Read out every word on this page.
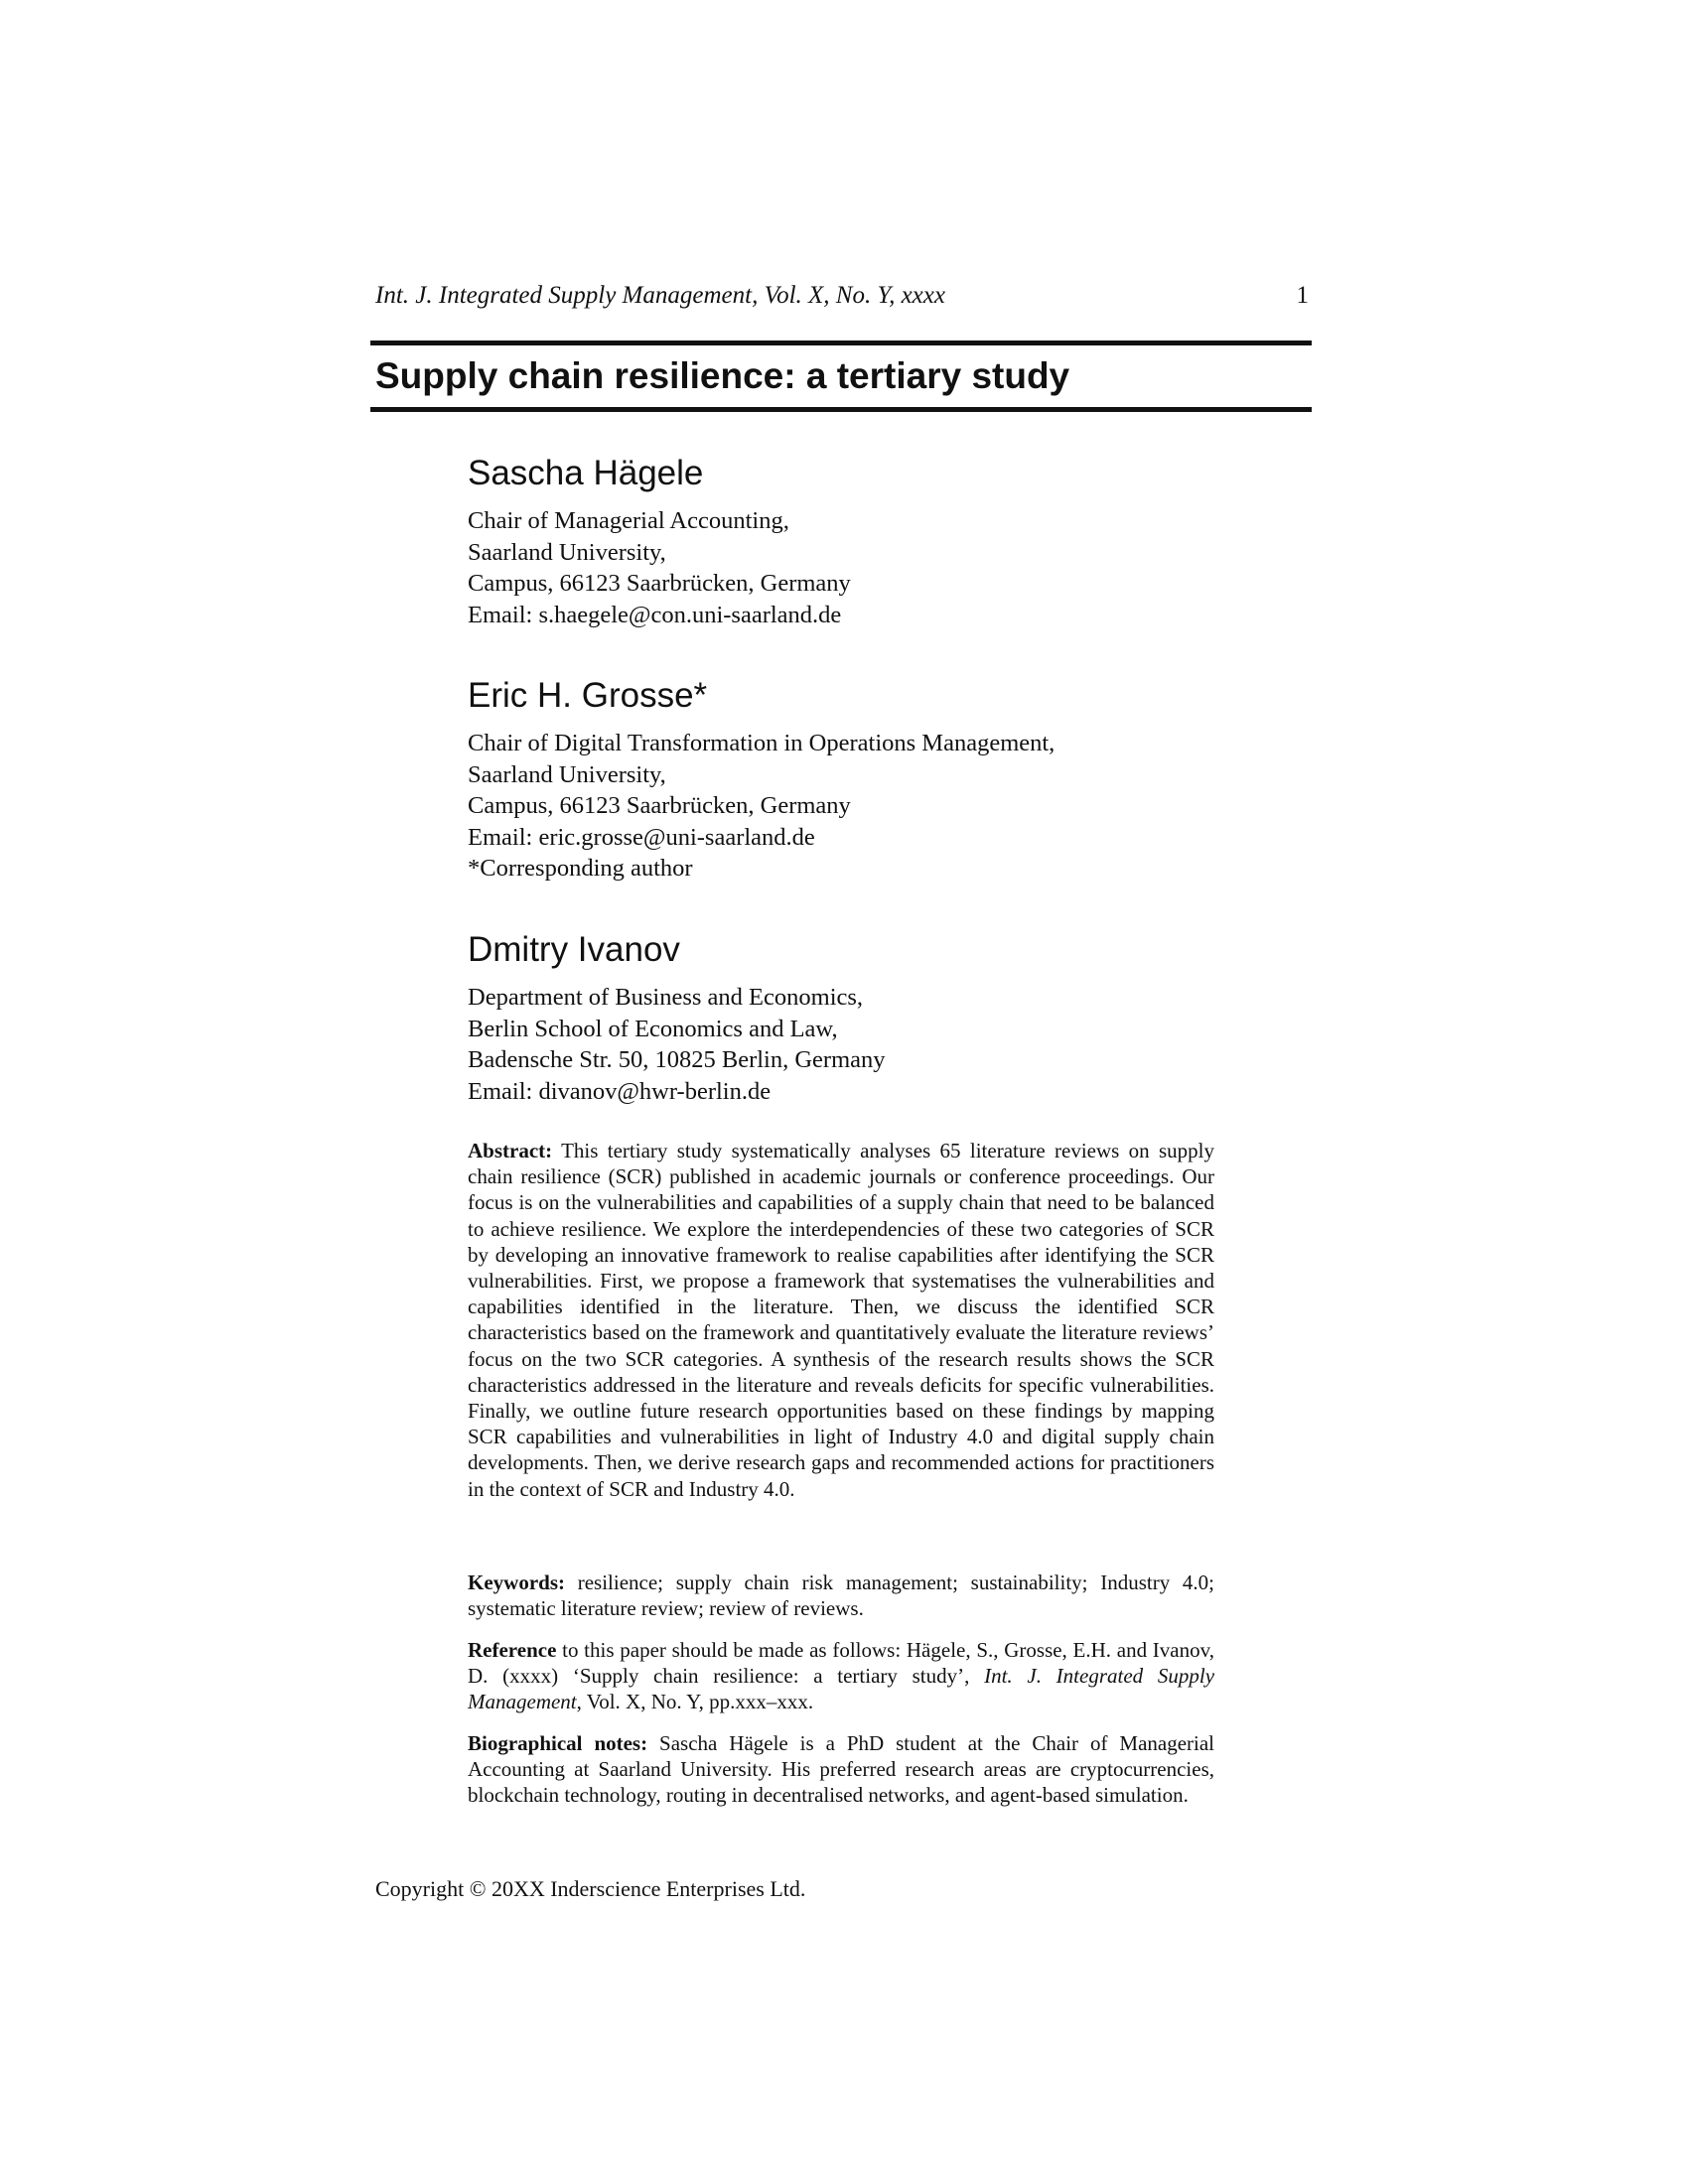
Int. J. Integrated Supply Management, Vol. X, No. Y, xxxx	1
Supply chain resilience: a tertiary study
Sascha Hägele
Chair of Managerial Accounting,
Saarland University,
Campus, 66123 Saarbrücken, Germany
Email: s.haegele@con.uni-saarland.de
Eric H. Grosse*
Chair of Digital Transformation in Operations Management,
Saarland University,
Campus, 66123 Saarbrücken, Germany
Email: eric.grosse@uni-saarland.de
*Corresponding author
Dmitry Ivanov
Department of Business and Economics,
Berlin School of Economics and Law,
Badensche Str. 50, 10825 Berlin, Germany
Email: divanov@hwr-berlin.de

Abstract: This tertiary study systematically analyses 65 literature reviews on supply chain resilience (SCR) published in academic journals or conference proceedings. Our focus is on the vulnerabilities and capabilities of a supply chain that need to be balanced to achieve resilience. We explore the interdependencies of these two categories of SCR by developing an innovative framework to realise capabilities after identifying the SCR vulnerabilities. First, we propose a framework that systematises the vulnerabilities and capabilities identified in the literature. Then, we discuss the identified SCR characteristics based on the framework and quantitatively evaluate the literature reviews’ focus on the two SCR categories. A synthesis of the research results shows the SCR characteristics addressed in the literature and reveals deficits for specific vulnerabilities. Finally, we outline future research opportunities based on these findings by mapping SCR capabilities and vulnerabilities in light of Industry 4.0 and digital supply chain developments. Then, we derive research gaps and recommended actions for practitioners in the context of SCR and Industry 4.0.

Keywords: resilience; supply chain risk management; sustainability; Industry 4.0; systematic literature review; review of reviews.

Reference to this paper should be made as follows: Hägele, S., Grosse, E.H. and Ivanov, D. (xxxx) ‘Supply chain resilience: a tertiary study’, Int. J. Integrated Supply Management, Vol. X, No. Y, pp.xxx–xxx.

Biographical notes: Sascha Hägele is a PhD student at the Chair of Managerial Accounting at Saarland University. His preferred research areas are cryptocurrencies, blockchain technology, routing in decentralised networks, and agent-based simulation.

Copyright © 20XX Inderscience Enterprises Ltd.
